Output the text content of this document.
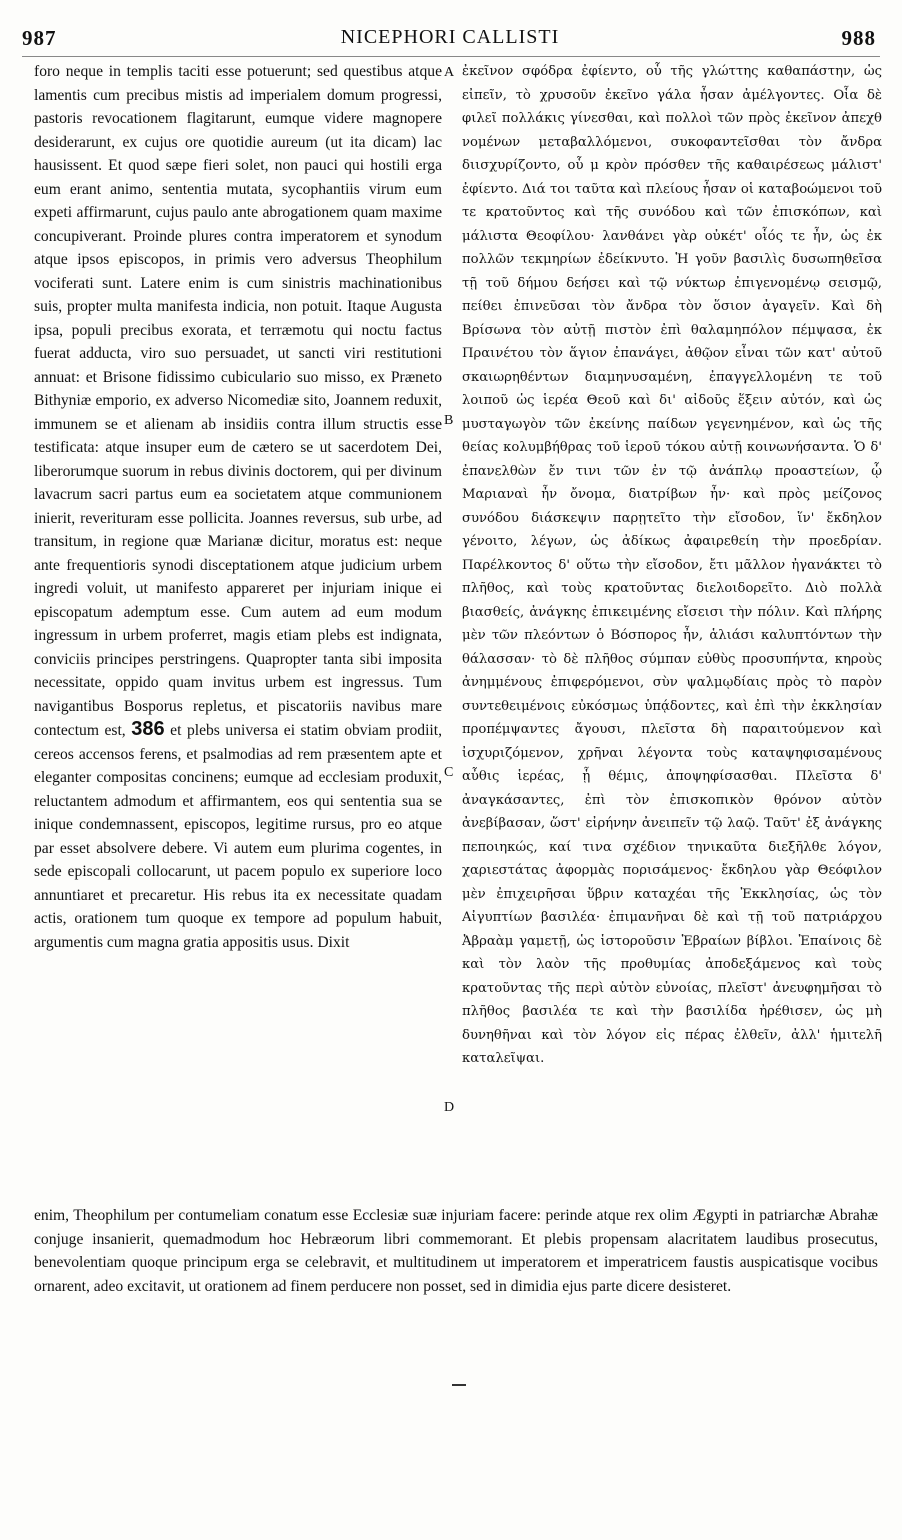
987	NICEPHORI CALLISTI	988

foro neque in templis taciti esse potuerunt; sed questibus atque lamentis cum precibus mistis ad imperialem domum progressi, pastoris revocationem flagitarunt, eumque videre magnopere desiderarunt, ex cujus ore quotidie aureum (ut ita dicam) lac hausissent. Et quod sæpe fieri solet, non pauci qui hostili erga eum erant animo, sententia mutata, sycophantiis virum eum expeti affirmarunt, cujus paulo ante abrogationem quam maxime concupiverant. Proinde plures contra imperatorem et synodum atque ipsos episcopos, in primis vero adversus Theophilum vociferati sunt. Latere enim is cum sinistris machinationibus suis, propter multa manifesta indicia, non potuit. Itaque Augusta ipsa, populi precibus exorata, et terræmotu qui noctu factus fuerat adducta, viro suo persuadet, ut sancti viri restitutioni annuat: et Brisone fidissimo cubiculario suo misso, ex Præneto Bithyniæ emporio, ex adverso Nicomediæ sito, Joannem reduxit, immunem se et alienam ab insidiis contra illum structis esse testificata: atque insuper eum de cætero se ut sacerdotem Dei, liberorumque suorum in rebus divinis doctorem, qui per divinum lavacrum sacri partus eum ea societatem atque communionem inierit, reverituram esse pollicita. Joannes reversus, sub urbe, ad transitum, in regione quæ Marianæ dicitur, moratus est: neque ante frequentioris synodi disceptationem atque judicium urbem ingredi voluit, ut manifesto appareret per injuriam inique ei episcopatum ademptum esse. Cum autem ad eum modum ingressum in urbem proferret, magis etiam plebs est indignata, conviciis principes perstringens. Quapropter tanta sibi imposita necessitate, oppido quam invitus urbem est ingressus. Tum navigantibus Bosporus repletus, et piscatoriis navibus mare contectum est, 386 et plebs universa ei statim obviam prodiit, cereos accensos ferens, et psalmodias ad rem præsentem apte et eleganter compositas concinens; eumque ad ecclesiam produxit, reluctantem admodum et affirmantem, eos qui sententia sua se inique condemnassent, episcopos, legitime rursus, pro eo atque par esset absolvere debere. Vi autem eum plurima cogentes, in sede episcopali collocarunt, ut pacem populo ex superiore loco annuntiaret et precaretur. His rebus ita ex necessitate quadam actis, orationem tum quoque ex tempore ad populum habuit, argumentis cum magna gratia appositis usus. Dixit

A
B
C
D

ἐκεῖνον σφόδρα ἐφίεντο, οὗ τῆς γλώττης καθαπάστην, ὡς εἰπεῖν, τὸ χρυσοῦν ἐκεῖνο γάλα ἦσαν ἀμέλγοντες. Οἷα δὲ φιλεῖ πολλάκις γίνεσθαι, καὶ πολλοὶ τῶν πρὸς ἐκεῖνον ἀπεχθ νομένων μεταβαλλόμενοι, συκοφαντεῖσθαι τὸν ἄνδρα διισχυρίζοντο, οὗ μ κρὸν πρόσθεν τῆς καθαιρέσεως μάλιστ' ἐφίεντο. Διά τοι ταῦτα καὶ πλείους ἦσαν οἱ καταβοώμενοι τοῦ τε κρατοῦντος καὶ τῆς συνόδου καὶ τῶν ἐπισκόπων, καὶ μάλιστα Θεοφίλου· λανθάνει γὰρ οὐκέτ' οἷός τε ἦν, ὡς ἐκ πολλῶν τεκμηρίων ἐδείκνυτο. Ἡ γοῦν βασιλὶς δυσωπηθεῖσα τῇ τοῦ δήμου δεήσει καὶ τῷ νύκτωρ ἐπιγενομένῳ σεισμῷ, πείθει ἐπινεῦσαι τὸν ἄνδρα τὸν ὅσιον ἀγαγεῖν. Καὶ δὴ Βρίσωνα τὸν αὐτῇ πιστὸν ἐπὶ θαλαμηπόλον πέμψασα, ἐκ Πραινέτου τὸν ἅγιον ἐπανάγει, ἀθῷον εἶναι τῶν κατ' αὐτοῦ σκαιωρηθέντων διαμηνυσαμένη, ἐπαγγελλομένη τε τοῦ λοιποῦ ὡς ἱερέα Θεοῦ καὶ δι' αἰδοῦς ἕξειν αὐτόν, καὶ ὡς μυσταγωγὸν τῶν ἐκείνης παίδων γεγενημένον, καὶ ὡς τῆς θείας κολυμβήθρας τοῦ ἱεροῦ τόκου αὐτῇ κοινωνήσαντα. Ὁ δ' ἐπανελθὼν ἔν τινι τῶν ἐν τῷ ἀνάπλῳ προαστείων, ᾧ Μαριαναὶ ἦν ὄνομα, διατρίβων ἦν· καὶ πρὸς μείζονος συνόδου διάσκεψιν παρῃτεῖτο τὴν εἴσοδον, ἵν' ἔκδηλον γένοιτο, λέγων, ὡς ἀδίκως ἀφαιρεθείη τὴν προεδρίαν. Παρέλκοντος δ' οὕτω τὴν εἴσοδον, ἔτι μᾶλλον ἠγανάκτει τὸ πλῆθος, καὶ τοὺς κρατοῦντας διελοιδορεῖτο. Διὸ πολλὰ βιασθείς, ἀνάγκης ἐπικειμένης εἴσεισι τὴν πόλιν. Καὶ πλήρης μὲν τῶν πλεόντων ὁ Βόσπορος ἦν, ἁλιάσι καλυπτόντων τὴν θάλασσαν· τὸ δὲ πλῆθος σύμπαν εὐθὺς προσυπήντα, κηροὺς ἀνημμένους ἐπιφερόμενοι, σὺν ψαλμῳδίαις πρὸς τὸ παρὸν συντεθειμένοις εὐκόσμως ὑπᾴδοντες, καὶ ἐπὶ τὴν ἐκκλησίαν προπέμψαντες ἄγουσι, πλεῖστα δὴ παραιτούμενον καὶ ἰσχυριζόμενον, χρῆναι λέγοντα τοὺς καταψηφισαμένους αὖθις ἱερέας, ᾗ θέμις, ἀποψηφίσασθαι. Πλεῖστα δ' ἀναγκάσαντες, ἐπὶ τὸν ἐπισκοπικὸν θρόνον αὐτὸν ἀνεβίβασαν, ὥστ' εἰρήνην ἀνειπεῖν τῷ λαῷ. Ταῦτ' ἐξ ἀνάγκης πεποιηκώς, καί τινα σχέδιον τηνικαῦτα διεξῆλθε λόγον, χαριεστάτας ἀφορμὰς πορισάμενος· ἔκδηλου γὰρ Θεόφιλον μὲν ἐπιχειρῆσαι ὕβριν καταχέαι τῆς Ἐκκλησίας, ὡς τὸν Αἰγυπτίων βασιλέα· ἐπιμανῆναι δὲ καὶ τῇ τοῦ πατριάρχου Ἀβραὰμ γαμετῇ, ὡς ἱστοροῦσιν Ἑβραίων βίβλοι. Ἐπαίνοις δὲ καὶ τὸν λαὸν τῆς προθυμίας ἀποδεξάμενος καὶ τοὺς κρατοῦντας τῆς περὶ αὐτὸν εὐνοίας, πλεῖστ' ἀνευφημῆσαι τὸ πλῆθος βασιλέα τε καὶ τὴν βασιλίδα ἠρέθισεν, ὡς μὴ δυνηθῆναι καὶ τὸν λόγον εἰς πέρας ἐλθεῖν, ἀλλ' ἡμιτελῆ καταλεῖψαι.

enim, Theophilum per contumeliam conatum esse Ecclesiæ suæ injuriam facere: perinde atque rex olim Ægypti in patriarchæ Abrahæ conjuge insanierit, quemadmodum hoc Hebræorum libri commemorant. Et plebis propensam alacritatem laudibus prosecutus, benevolentiam quoque principum erga se celebravit, et multitudinem ut imperatorem et imperatricem faustis auspicatisque vocibus ornarent, adeo excitavit, ut orationem ad finem perducere non posset, sed in dimidia ejus parte dicere desisteret.
